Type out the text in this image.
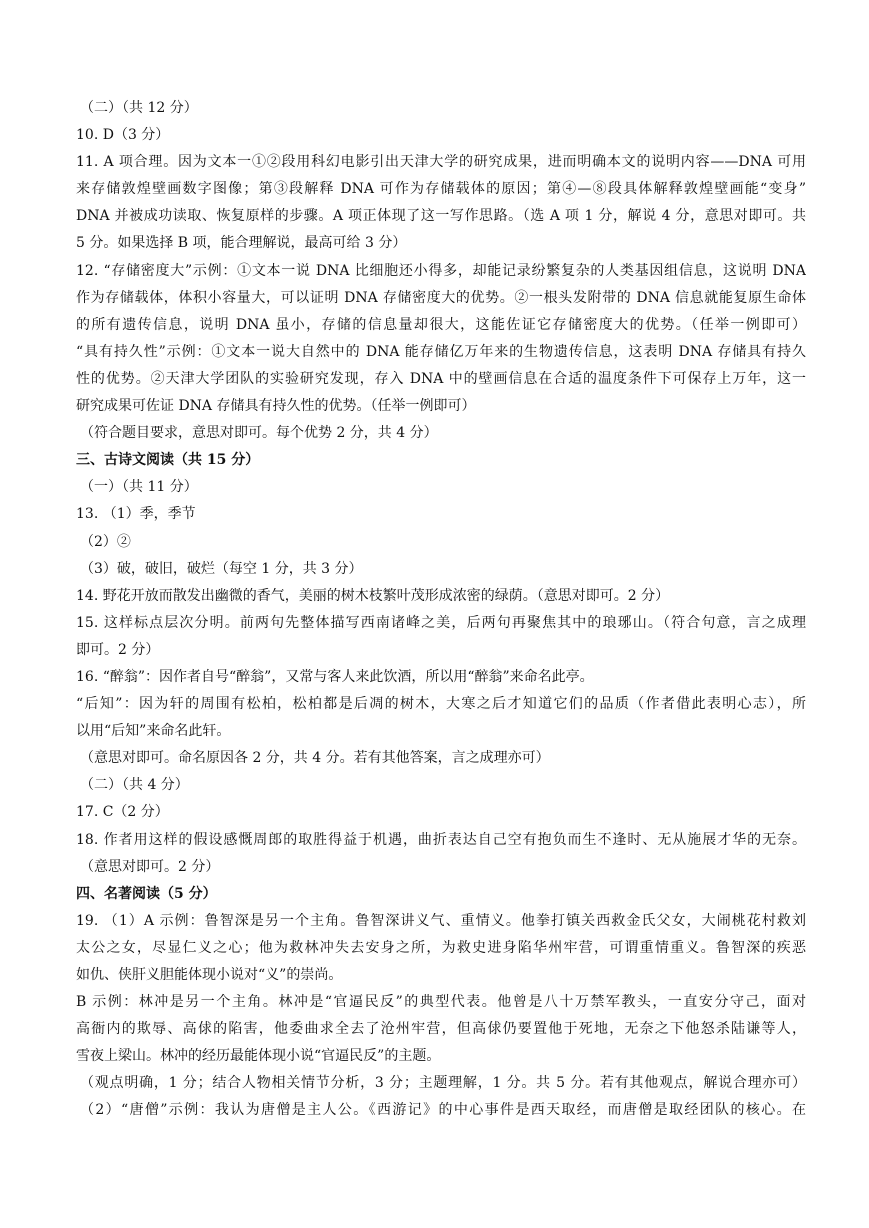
（二）（共 12 分）
10. D（3 分）
11. A 项合理。因为文本一①②段用科幻电影引出天津大学的研究成果，进而明确本文的说明内容——DNA 可用
来存储敦煌壁画数字图像；第③段解释 DNA 可作为存储载体的原因；第④—⑧段具体解释敦煌壁画能“变身”
DNA 并被成功读取、恢复原样的步骤。A 项正体现了这一写作思路。（选 A 项 1 分，解说 4 分，意思对即可。共
5 分。如果选择 B 项，能合理解说，最高可给 3 分）
12. “存储密度大”示例：①文本一说 DNA 比细胞还小得多，却能记录纷繁复杂的人类基因组信息，这说明 DNA
作为存储载体，体积小容量大，可以证明 DNA 存储密度大的优势。②一根头发附带的 DNA 信息就能复原生命体
的所有遗传信息，说明 DNA 虽小，存储的信息量却很大，这能佐证它存储密度大的优势。（任举一例即可）
“具有持久性”示例：①文本一说大自然中的 DNA 能存储亿万年来的生物遗传信息，这表明 DNA 存储具有持久
性的优势。②天津大学团队的实验研究发现，存入 DNA 中的壁画信息在合适的温度条件下可保存上万年，这一
研究成果可佐证 DNA 存储具有持久性的优势。（任举一例即可）
（符合题目要求，意思对即可。每个优势 2 分，共 4 分）
三、古诗文阅读（共 15 分）
（一）（共 11 分）
13. （1）季，季节
（2）②
（3）破，破旧，破烂（每空 1 分，共 3 分）
14. 野花开放而散发出幽微的香气，美丽的树木枝繁叶茂形成浓密的绿荫。（意思对即可。2 分）
15. 这样标点层次分明。前两句先整体描写西南诸峰之美，后两句再聚焦其中的琅琊山。（符合句意，言之成理
即可。2 分）
16. “醉翁”：因作者自号“醉翁”，又常与客人来此饮酒，所以用“醉翁”来命名此亭。
“后知”：因为轩的周围有松柏，松柏都是后凋的树木，大寒之后才知道它们的品质（作者借此表明心志），所
以用“后知”来命名此轩。
（意思对即可。命名原因各 2 分，共 4 分。若有其他答案，言之成理亦可）
（二）（共 4 分）
17. C（2 分）
18. 作者用这样的假设感慨周郎的取胜得益于机遇，曲折表达自己空有抱负而生不逢时、无从施展才华的无奈。
（意思对即可。2 分）
四、名著阅读（5 分）
19. （1）A 示例：鲁智深是另一个主角。鲁智深讲义气、重情义。他拳打镇关西救金氏父女，大闹桃花村救刘
太公之女，尽显仁义之心；他为救林冲失去安身之所，为救史进身陷华州牢营，可谓重情重义。鲁智深的疾恶
如仇、侠肝义胆能体现小说对“义”的崇尚。
B 示例：林冲是另一个主角。林冲是“官逼民反”的典型代表。他曾是八十万禁军教头，一直安分守己，面对
高衙内的欺辱、高俅的陷害，他委曲求全去了沧州牢营，但高俅仍要置他于死地，无奈之下他怒杀陆谦等人，
雪夜上梁山。林冲的经历最能体现小说“官逼民反”的主题。
（观点明确，1 分；结合人物相关情节分析，3 分；主题理解，1 分。共 5 分。若有其他观点，解说合理亦可）
（2）“唐僧”示例：我认为唐僧是主人公。《西游记》的中心事件是西天取经，而唐僧是取经团队的核心。在
